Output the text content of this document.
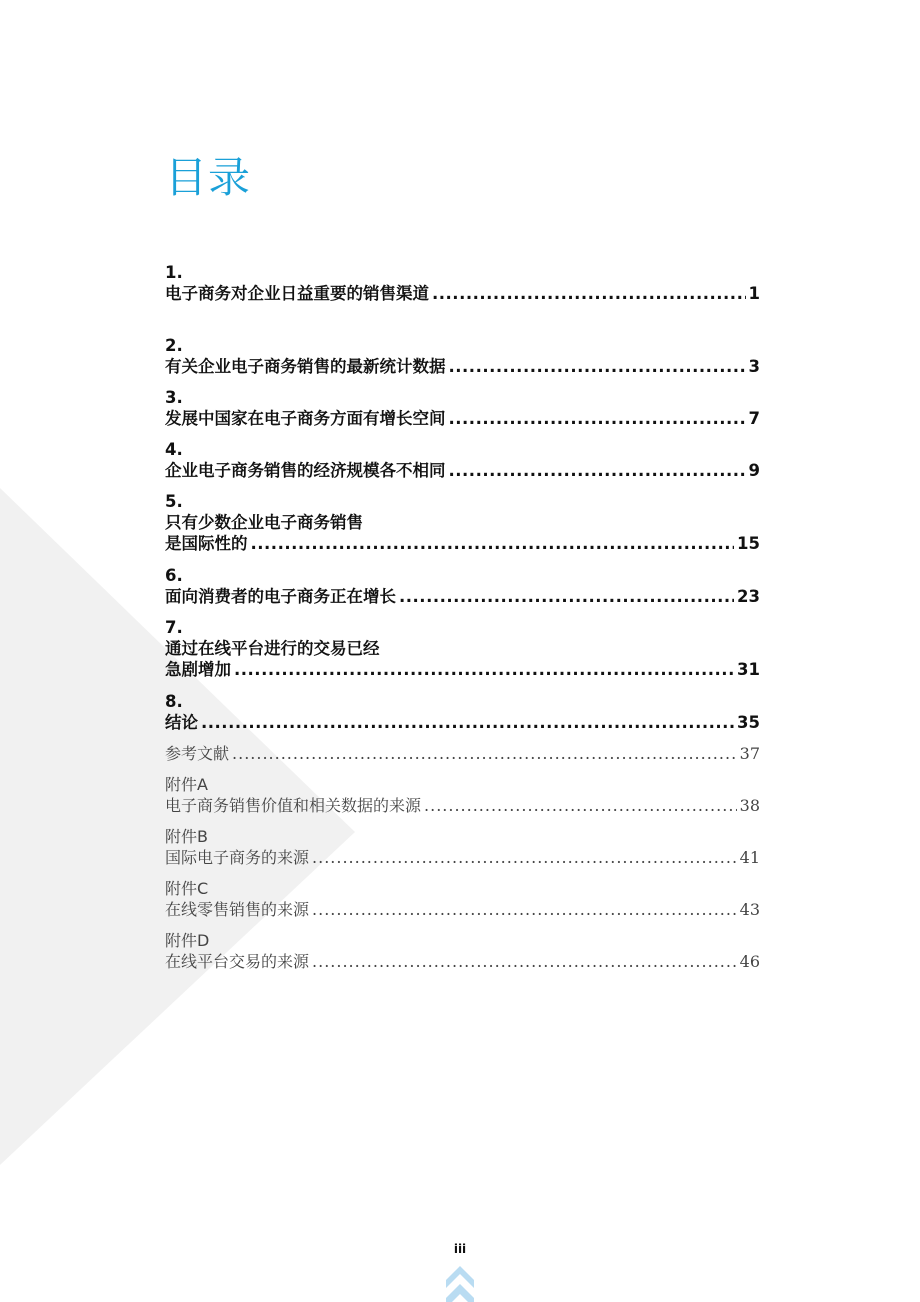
目录
1.
电子商务对企业日益重要的销售渠道 .....	1
2.
有关企业电子商务销售的最新统计数据 .....	3
3.
发展中国家在电子商务方面有增长空间 .....	7
4.
企业电子商务销售的经济规模各不相同 .....	9
5.
只有少数企业电子商务销售
是国际性的 .....	15
6.
面向消费者的电子商务正在增长 .....	23
7.
通过在线平台进行的交易已经
急剧增加 .....	31
8.
结论 .....	35
参考文献 .....	37
附件A
电子商务销售价值和相关数据的来源 .....	38
附件B
国际电子商务的来源 .....	41
附件C
在线零售销售的来源 .....	43
附件D
在线平台交易的来源 .....	46
iii
